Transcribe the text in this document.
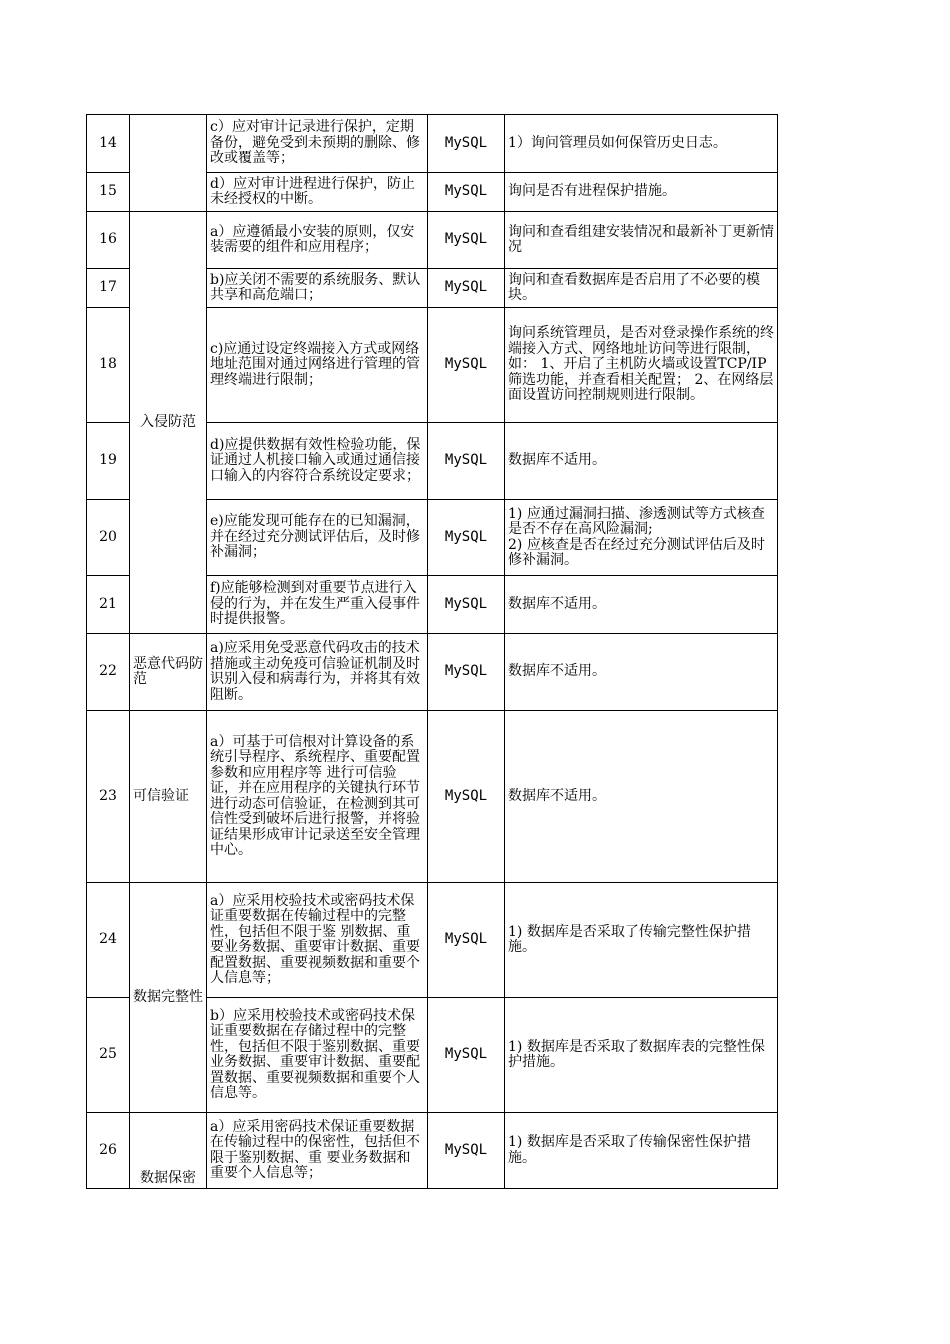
14		c）应对审计记录进行保护，定期备份，避免受到未预期的删除、修改或覆盖等；	MySQL	1）询问管理员如何保管历史日志。

15		d）应对审计进程进行保护，防止未经授权的中断。	MySQL	询问是否有进程保护措施。

16	入侵防范	a）应遵循最小安装的原则，仅安装需要的组件和应用程序；	MySQL	询问和查看组建安装情况和最新补丁更新情况

17		b)应关闭不需要的系统服务、默认共享和高危端口；	MySQL	询问和查看数据库是否启用了不必要的模块。

18		c)应通过设定终端接入方式或网络地址范围对通过网络进行管理的管理终端进行限制；	MySQL	询问系统管理员，是否对登录操作系统的终端接入方式、网络地址访问等进行限制，如： 1、开启了主机防火墙或设置TCP/IP筛选功能，并查看相关配置； 2、在网络层面设置访问控制规则进行限制。

19		d)应提供数据有效性检验功能，保证通过人机接口输入或通过通信接口输入的内容符合系统设定要求；	MySQL	数据库不适用。

20		e)应能发现可能存在的已知漏洞，并在经过充分测试评估后，及时修补漏洞；	MySQL	1) 应通过漏洞扫描、渗透测试等方式核查是否不存在高风险漏洞;
2) 应核查是否在经过充分测试评估后及时修补漏洞。

21		f)应能够检测到对重要节点进行入侵的行为，并在发生严重入侵事件时提供报警。	MySQL	数据库不适用。

22	恶意代码防范	a)应采用免受恶意代码攻击的技术措施或主动免疫可信验证机制及时识别入侵和病毒行为，并将其有效阻断。	MySQL	数据库不适用。

23	可信验证	a）可基于可信根对计算设备的系统引导程序、系统程序、重要配置参数和应用程序等 进行可信验证，并在应用程序的关键执行环节进行动态可信验证，在检测到其可信性受到破坏后进行报警，并将验证结果形成审计记录送至安全管理中心。	MySQL	数据库不适用。

24	数据完整性	a）应采用校验技术或密码技术保证重要数据在传输过程中的完整性，包括但不限于鉴 别数据、重要业务数据、重要审计数据、重要配置数据、重要视频数据和重要个人信息等；	MySQL	1) 数据库是否采取了传输完整性保护措施。

25		b）应采用校验技术或密码技术保证重要数据在存储过程中的完整性，包括但不限于鉴别数据、重要业务数据、重要审计数据、重要配置数据、重要视频数据和重要个人信息等。	MySQL	1) 数据库是否采取了数据库表的完整性保护措施。

26	数据保密	a）应采用密码技术保证重要数据在传输过程中的保密性，包括但不限于鉴别数据、重 要业务数据和重要个人信息等；	MySQL	1) 数据库是否采取了传输保密性保护措施。
